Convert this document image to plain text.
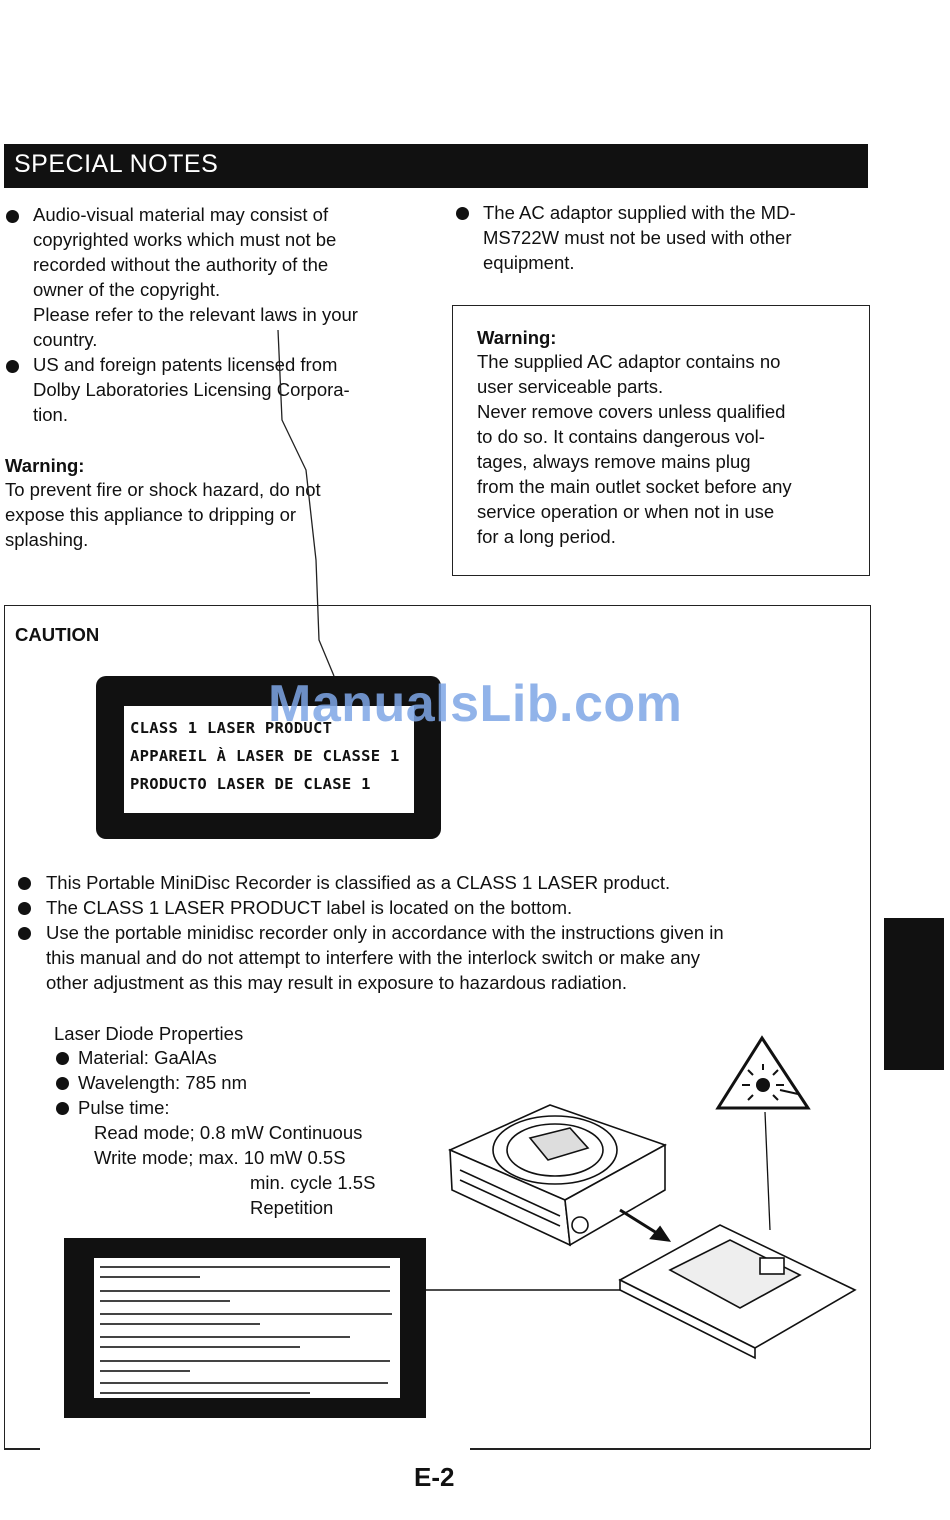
SPECIAL NOTES
Audio-visual material may consist of
copyrighted works which must not be
recorded without the authority of the
owner of the copyright.
Please refer to the relevant laws in your
country.
US and foreign patents licensed from
Dolby Laboratories Licensing Corpora-
tion.
Warning:
To prevent fire or shock hazard, do not
expose this appliance to dripping or
splashing.
The AC adaptor supplied with the MD-
MS722W must not be used with other
equipment.
Warning:
The supplied AC adaptor contains no
user serviceable parts.
Never remove covers unless qualified
to do so. It contains dangerous vol-
tages, always remove mains plug
from the main outlet socket before any
service operation or when not in use
for a long period.
CAUTION
CLASS 1 LASER PRODUCT
APPAREIL À LASER DE CLASSE 1
PRODUCTO LASER DE CLASE 1
ManualsLib.com
This Portable MiniDisc Recorder is classified as a CLASS 1 LASER product.
The CLASS 1 LASER PRODUCT label is located on the bottom.
Use the portable minidisc recorder only in accordance with the instructions given in
this manual and do not attempt to interfere with the interlock switch or make any
other adjustment as this may result in exposure to hazardous radiation.
Laser Diode Properties
Material: GaAlAs
Wavelength: 785 nm
Pulse time:
Read mode; 0.8 mW Continuous
Write mode; max. 10 mW 0.5S
min. cycle 1.5S
Repetition
E-2
